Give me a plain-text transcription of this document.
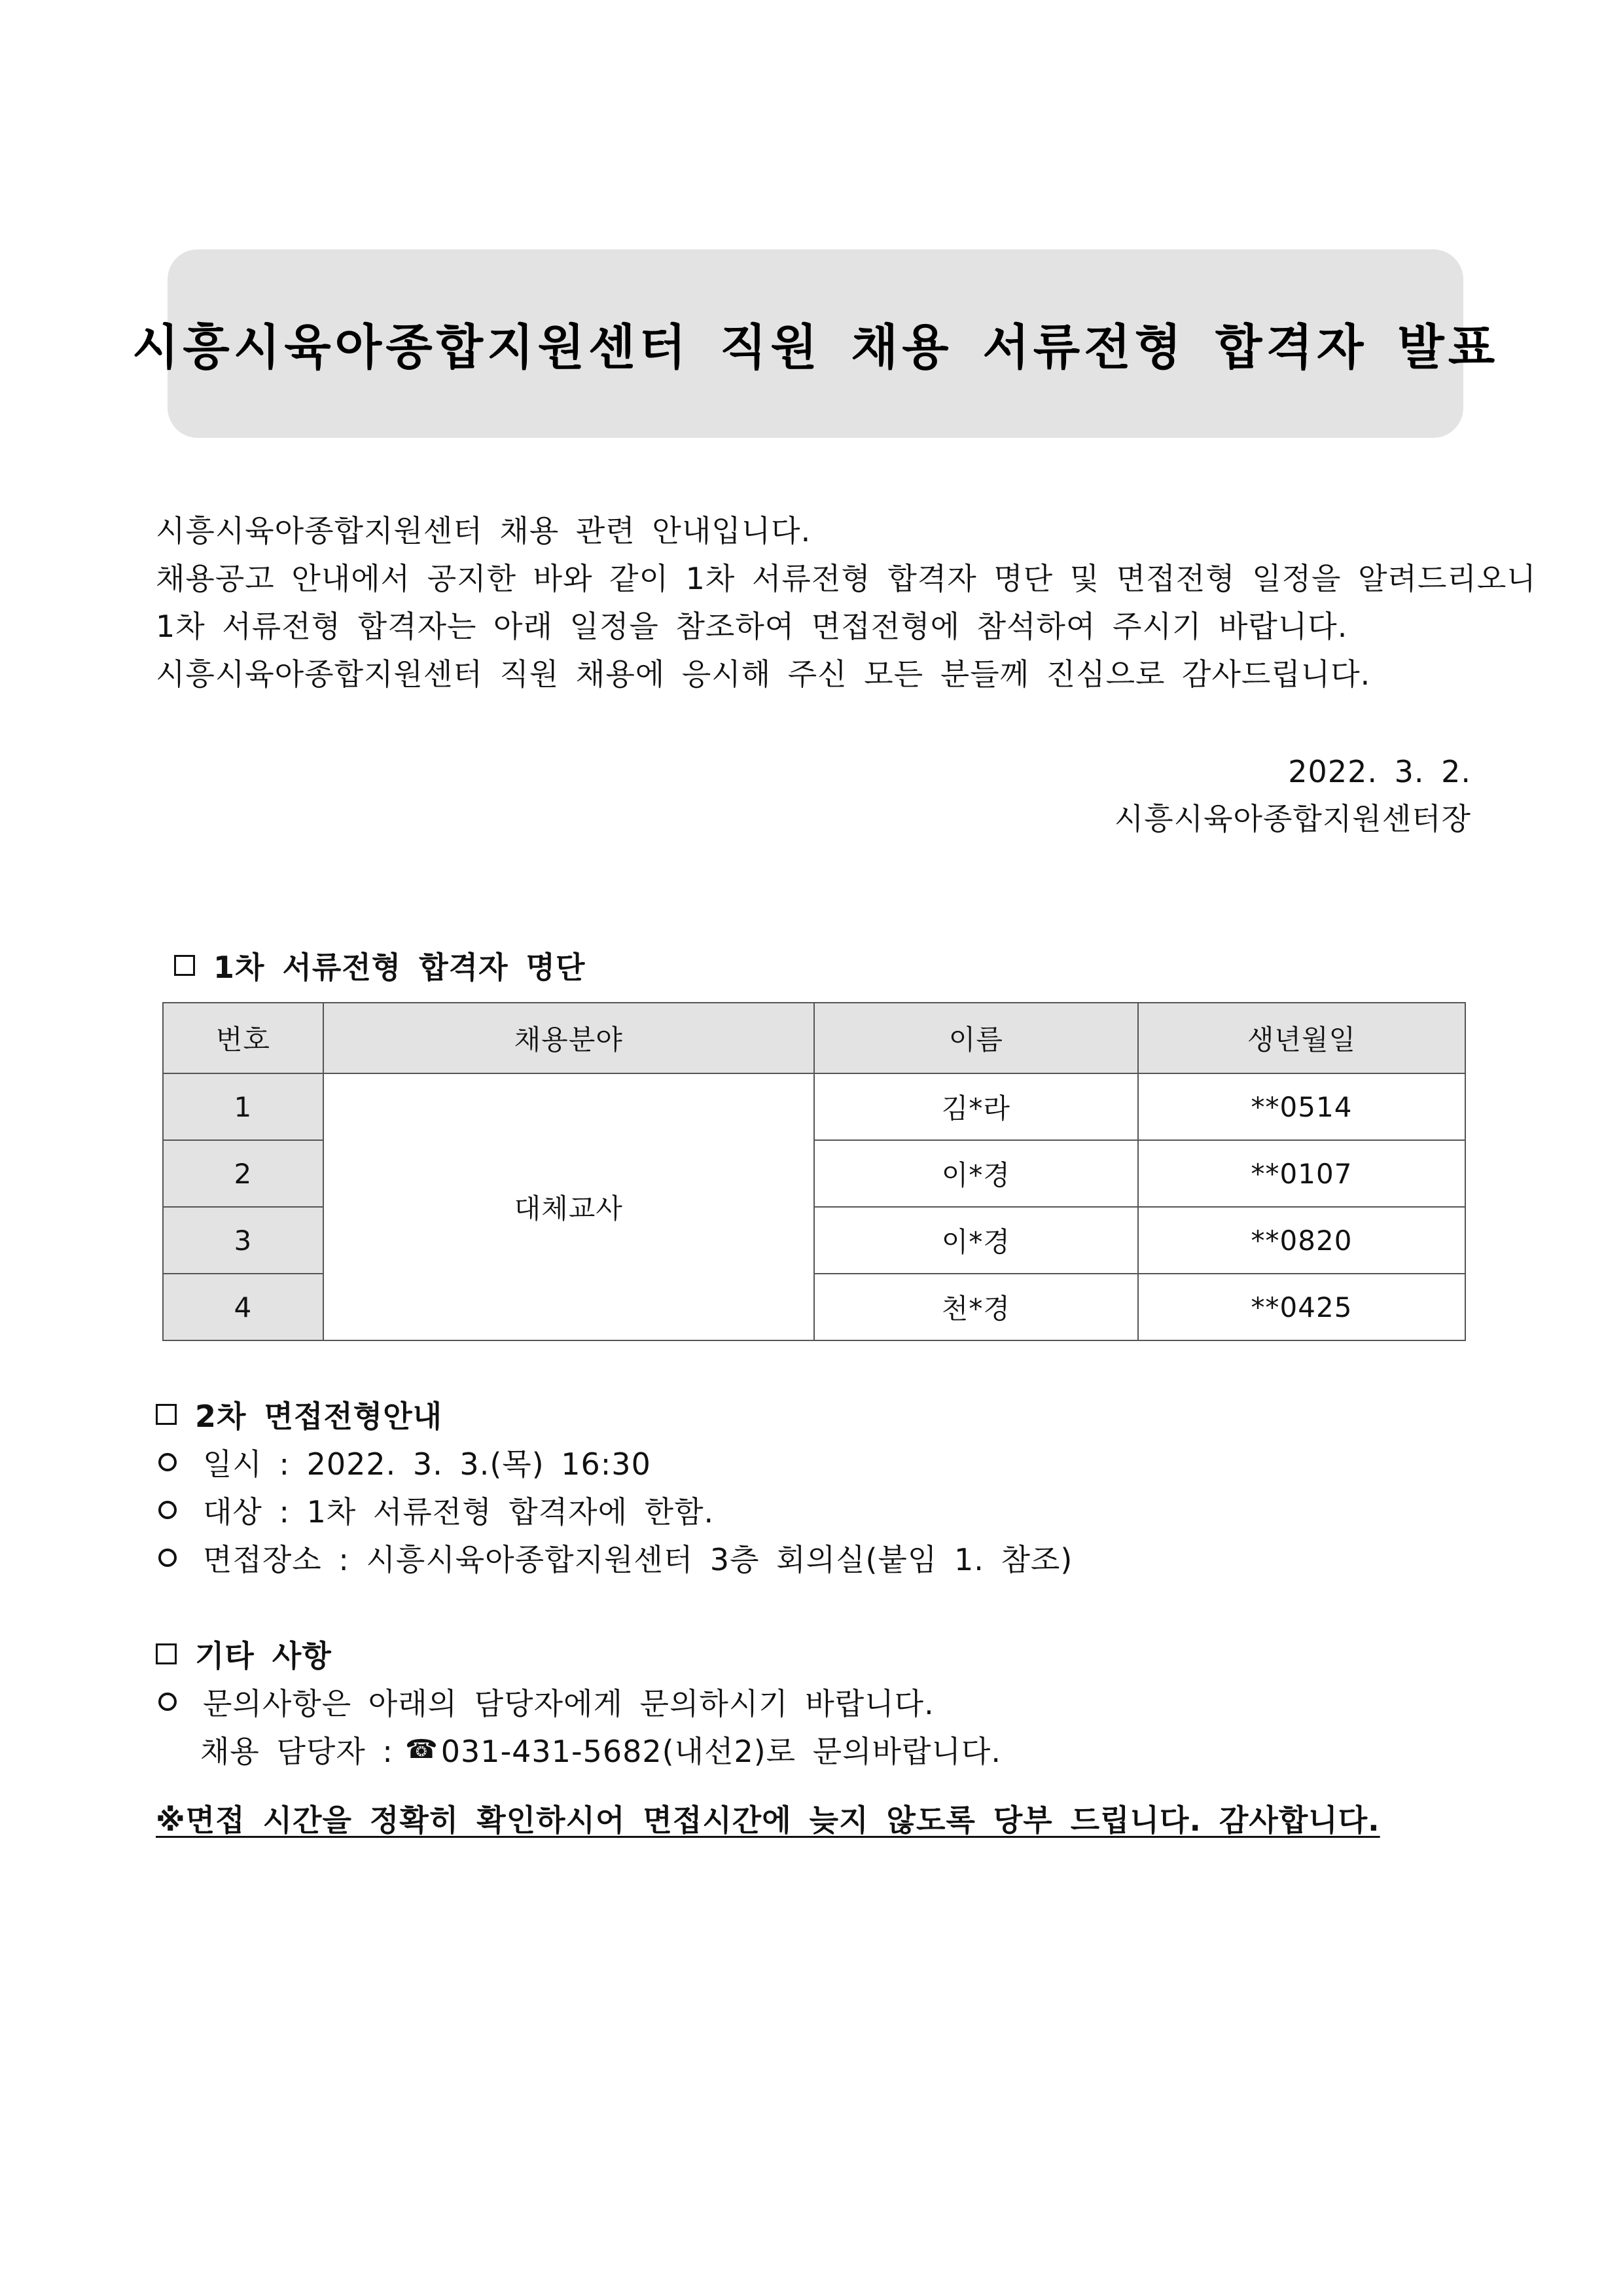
시흥시육아종합지원센터 직원 채용 서류전형 합격자 발표

시흥시육아종합지원센터 채용 관련 안내입니다.

채용공고 안내에서 공지한 바와 같이 1차 서류전형 합격자 명단 및 면접전형 일정을 알려드리오니

1차 서류전형 합격자는 아래 일정을 참조하여 면접전형에 참석하여 주시기 바랍니다.

시흥시육아종합지원센터 직원 채용에 응시해 주신 모든 분들께 진심으로 감사드립니다.

2022. 3. 2.
시흥시육아종합지원센터장
1차 서류전형 합격자 명단
번호	채용분야	이름	생년월일
1	대체교사	김*라	**0514
2		이*경	**0107
3		이*경	**0820
4		천*경	**0425
2차 면접전형안내
일시 : 2022. 3. 3.(목) 16:30
대상 : 1차 서류전형 합격자에 한함.
면접장소 : 시흥시육아종합지원센터 3층 회의실(붙임 1. 참조)
기타 사항
문의사항은 아래의 담당자에게 문의하시기 바랍니다.
채용 담당자 : ☎ 031-431-5682(내선2)로 문의바랍니다.
※면접 시간을 정확히 확인하시어 면접시간에 늦지 않도록 당부 드립니다. 감사합니다.
